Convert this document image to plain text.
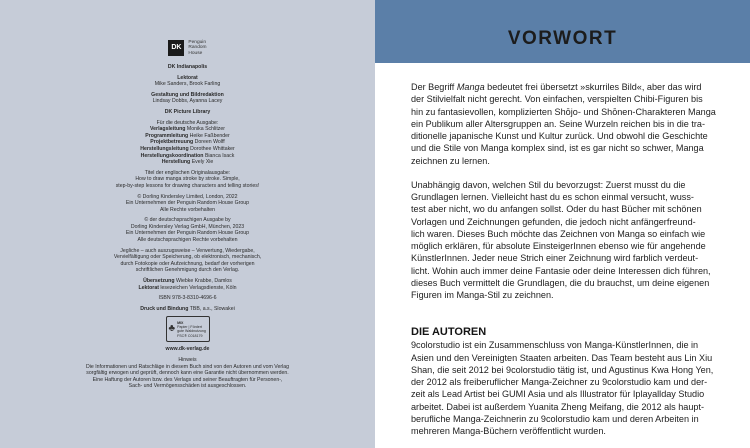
DK
Penguin
Random
House
DK Indianapolis
Lektorat
Mike Sanders, Brook Farling
Gestaltung und Bildredaktion
Lindsay Dobbs, Ayanna Lacey
DK Picture Library
Für die deutsche Ausgabe:
Verlagsleitung Monika Schlitzer
Programmleitung Heike Faßbender
Projektbetreuung Doreen Wolff
Herstellungsleitung Dorothee Whittaker
Herstellungskoordination Bianca Isack
Herstellung Evely Xie
Titel der englischen Originalausgabe:
How to draw manga stroke by stroke. Simple,
step-by-step lessons for drawing characters and telling stories!
© Dorling Kindersley Limited, London, 2022
Ein Unternehmen der Penguin Random House Group
Alle Rechte vorbehalten
© der deutschsprachigen Ausgabe by
Dorling Kindersley Verlag GmbH, München, 2023
Ein Unternehmen der Penguin Random House Group
Alle deutschsprachigen Rechte vorbehalten
Jegliche – auch auszugsweise – Verwertung, Wiedergabe,
Vervielfältigung oder Speicherung, ob elektronisch, mechanisch,
durch Fotokopie oder Aufzeichnung, bedarf der vorherigen
schriftlichen Genehmigung durch den Verlag.
Übersetzung Wiebke Krabbe, Damlos
Lektorat lesezeichen Verlagsdienste, Köln
ISBN 978-3-8310-4696-6
Druck und Bindung TBB, a.s., Slowakei
♣
MIX
Papier | Fördert
gute Waldnutzung
FSC® C018179
www.dk-verlag.de
Hinweis
Die Informationen und Ratschläge in diesem Buch sind von den Autoren und vom Verlag
sorgfältig erwogen und geprüft, dennoch kann eine Garantie nicht übernommen werden.
Eine Haftung der Autoren bzw. des Verlags und seiner Beauftragten für Personen-,
Sach- und Vermögensschäden ist ausgeschlossen.
VORWORT

Der Begriff Manga bedeutet frei übersetzt »skurriles Bild«, aber das wird
der Stilvielfalt nicht gerecht. Von einfachen, verspielten Chibi-Figuren bis
hin zu fantasievollen, komplizierten Shōjo- und Shōnen-Charakteren Manga
ein Publikum aller Altersgruppen an. Seine Wurzeln reichen bis in die tra-
ditionelle japanische Kunst und Kultur zurück. Und obwohl die Geschichte
und die Stile von Manga komplex sind, ist es gar nicht so schwer, Manga
zeichnen zu lernen.

Unabhängig davon, welchen Stil du bevorzugst: Zuerst musst du die
Grundlagen lernen. Vielleicht hast du es schon einmal versucht, wuss-
test aber nicht, wo du anfangen sollst. Oder du hast Bücher mit schönen
Vorlagen und Zeichnungen gefunden, die jedoch nicht anfängerfreund-
lich waren. Dieses Buch möchte das Zeichnen von Manga so einfach wie
möglich erklären, für absolute EinsteigerInnen ebenso wie für angehende
KünstlerInnen. Jeder neue Strich einer Zeichnung wird farblich verdeut-
licht. Wohin auch immer deine Fantasie oder deine Interessen dich führen,
dieses Buch vermittelt die Grundlagen, die du brauchst, um deine eigenen
Figuren im Manga-Stil zu zeichnen.

DIE AUTOREN
9colorstudio ist ein Zusammenschluss von Manga-KünstlerInnen, die in
Asien und den Vereinigten Staaten arbeiten. Das Team besteht aus Lin Xiu
Shan, die seit 2012 bei 9colorstudio tätig ist, und Agustinus Kwa Hong Yen,
der 2012 als freiberuflicher Manga-Zeichner zu 9colorstudio kam und der-
zeit als Lead Artist bei GUMI Asia und als Illustrator für Iplayallday Studio
arbeitet. Dabei ist außerdem Yuanita Zheng Meifang, die 2012 als haupt-
berufliche Manga-Zeichnerin zu 9colorstudio kam und deren Arbeiten in
mehreren Manga-Büchern veröffentlicht wurden.
